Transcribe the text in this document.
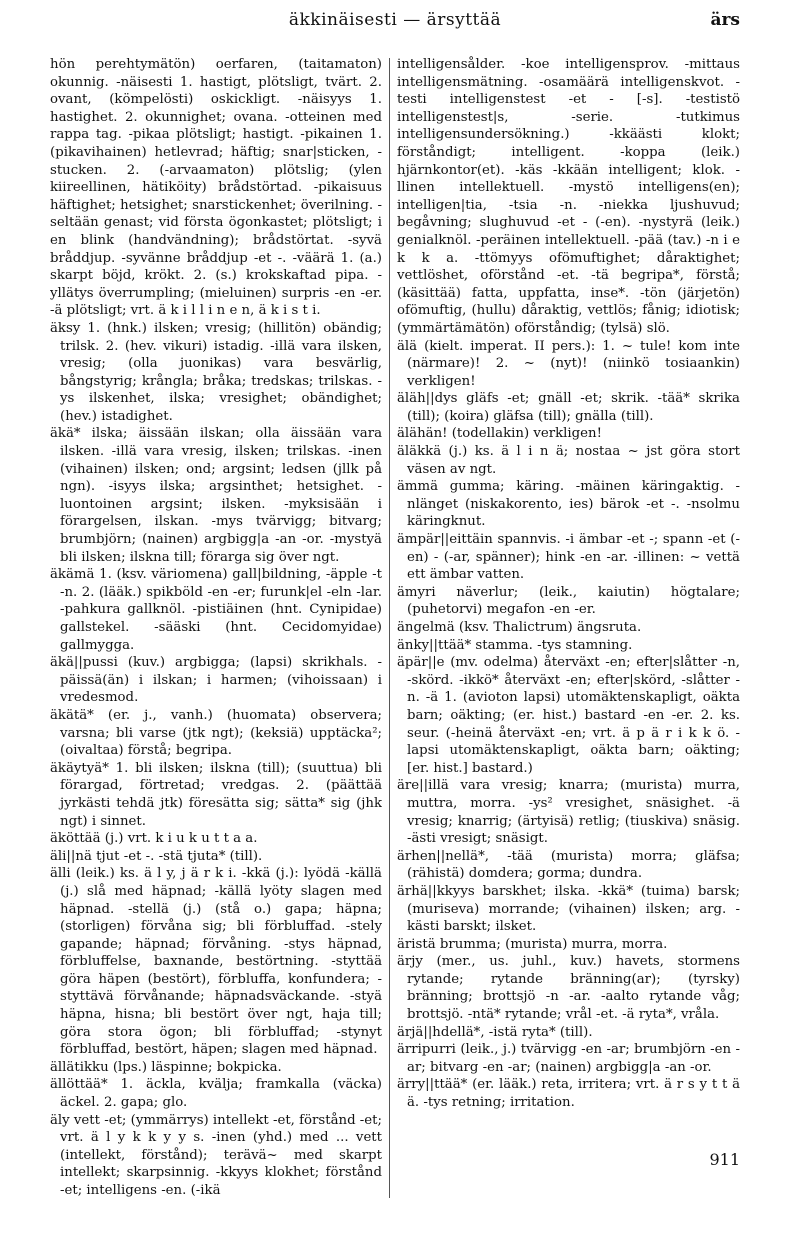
äkkinäisesti — ärsyttää	ärs

hön perehtymätön) oerfaren, (taitamaton) okunnig. -näisesti 1. hastigt, plötsligt, tvärt. 2. ovant, (kömpelösti) oskickligt. -näisyys 1. hastighet. 2. okunnighet; ovana. -otteinen med rappa tag. -pikaa plötsligt; hastigt. -pikainen 1. (pikavihainen) hetlevrad; häftig; snar|sticken, -stucken. 2. (-arvaamaton) plötslig; (ylen kiireellinen, hätiköity) brådstörtad. -pikaisuus häftighet; hetsighet; snarstickenhet; överilning. -seltään genast; vid första ögonkastet; plötsligt; i en blink (handvändning); brådstörtat. -syvä bråddjup. -syvänne bråddjup -et -. -väärä 1. (a.) skarpt böjd, krökt. 2. (s.) krokskaftad pipa. -yllätys överrumpling; (mieluinen) surpris -en -er. -ä plötsligt; vrt. ä k i l l i n e n, ä k i s t i.

äksy 1. (hnk.) ilsken; vresig; (hillitön) obändig; trilsk. 2. (hev. vikuri) istadig. -illä vara ilsken, vresig; (olla juonikas) vara besvärlig, bångstyrig; krångla; bråka; tredskas; trilskas. -ys ilskenhet, ilska; vresighet; obändighet; (hev.) istadighet.

äkä* ilska; äissään ilskan; olla äissään vara ilsken. -illä vara vresig, ilsken; trilskas. -inen (vihainen) ilsken; ond; argsint; ledsen (jllk på ngn). -isyys ilska; argsinthet; hetsighet. -luontoinen argsint; ilsken. -myksisään i förargelsen, ilskan. -mys tvärvigg; bitvarg; brumbjörn; (nainen) argbigg|a -an -or. -mystyä bli ilsken; ilskna till; förarga sig över ngt.

äkämä 1. (ksv. väriomena) gall|bildning, -äpple -t -n. 2. (lääk.) spikböld -en -er; furunk|el -eln -lar. -pahkura gallknöl. -pistiäinen (hnt. Cynipidae) gallstekel. -sääski (hnt. Cecidomyidae) gallmygga.

äkä||pussi (kuv.) argbigga; (lapsi) skrikhals. -päissä(än) i ilskan; i harmen; (vihoissaan) i vredesmod.

äkätä* (er. j., vanh.) (huomata) observera; varsna; bli varse (jtk ngt); (keksiä) upptäcka²; (oivaltaa) förstå; begripa.

äkäytyä* 1. bli ilsken; ilskna (till); (suuttua) bli förargad, förtretad; vredgas. 2. (päättää jyrkästi tehdä jtk) föresätta sig; sätta* sig (jhk ngt) i sinnet.

äköttää (j.) vrt. k i u k u t t a a.

äli||nä tjut -et -. -stä tjuta* (till).

älli (leik.) ks. ä l y, j ä r k i. -kkä (j.): lyödä -källä (j.) slå med häpnad; -källä lyöty slagen med häpnad. -stellä (j.) (stå o.) gapa; häpna; (storligen) förvåna sig; bli förbluffad. -stely gapande; häpnad; förvåning. -stys häpnad, förbluffelse, baxnande, bestörtning. -styttää göra häpen (bestört), förbluffa, konfundera; -styttävä förvånande; häpnadsväckande. -styä häpna, hisna; bli bestört över ngt, haja till; göra stora ögon; bli förbluffad; -stynyt förbluffad, bestört, häpen; slagen med häpnad.

ällätikku (lps.) läspinne; bokpicka.

ällöttää* 1. äckla, kvälja; framkalla (väcka) äckel. 2. gapa; glo.

äly vett -et; (ymmärrys) intellekt -et, förstånd -et; vrt. ä l y k k y y s. -inen (yhd.) med ... vett (intellekt, förstånd); terävä~ med skarpt intellekt; skarpsinnig. -kkyys klokhet; förstånd -et; intelligens -en. (-ikä

intelligensålder. -koe intelligensprov. -mittaus intelligensmätning. -osamäärä intelligenskvot. -testi intelligenstest -et - [-s]. -testistö intelligenstest|s, -serie. -tutkimus intelligensundersökning.) -kkäästi klokt; förståndigt; intelligent. -koppa (leik.) hjärnkontor(et). -käs -kkään intelligent; klok. -llinen intellektuell. -mystö intelligens(en); intelligen|tia, -tsia -n. -niekka ljushuvud; begåvning; slughuvud -et - (-en). -nystyrä (leik.) genialknöl. -peräinen intellektuell. -pää (tav.) -n i e k k a. -ttömyys ofömuftighet; dåraktighet; vettlöshet, oförstånd -et. -tä begripa*, förstå; (käsittää) fatta, uppfatta, inse*. -tön (järjetön) ofömuftig, (hullu) dåraktig, vettlös; fånig; idiotisk; (ymmärtämätön) oförståndig; (tylsä) slö.

älä (kielt. imperat. II pers.): 1. ~ tule! kom inte (närmare)! 2. ~ (nyt)! (niinkö tosiaankin) verkligen!

äläh||dys gläfs -et; gnäll -et; skrik. -tää* skrika (till); (koira) gläfsa (till); gnälla (till).

älähän! (todellakin) verkligen!

äläkkä (j.) ks. ä l i n ä; nostaa ~ jst göra stort väsen av ngt.

ämmä gumma; käring. -mäinen käringaktig. -nlänget (niskakorento, ies) bärok -et -. -nsolmu käringknut.

ämpär||eittäin spannvis. -i ämbar -et -; spann -et (-en) - (-ar, spänner); hink -en -ar. -illinen: ~ vettä ett ämbar vatten.

ämyri näverlur; (leik., kaiutin) högtalare; (puhetorvi) megafon -en -er.

ängelmä (ksv. Thalictrum) ängsruta.

änky||ttää* stamma. -tys stamning.

äpär||e (mv. odelma) återväxt -en; efter|slåtter -n, -skörd. -ikkö* återväxt -en; efter|skörd, -slåtter -n. -ä 1. (avioton lapsi) utomäktenskapligt, oäkta barn; oäkting; (er. hist.) bastard -en -er. 2. ks. seur. (-heinä återväxt -en; vrt. ä p ä r i k k ö. -lapsi utomäktenskapligt, oäkta barn; oäkting; [er. hist.] bastard.)

äre||illä vara vresig; knarra; (murista) murra, muttra, morra. -ys² vresighet, snäsighet. -ä vresig; knarrig; (ärtyisä) retlig; (tiuskiva) snäsig. -ästi vresigt; snäsigt.

ärhen||nellä*, -tää (murista) morra; gläfsa; (rähistä) domdera; gorma; dundra.

ärhä||kkyys barskhet; ilska. -kkä* (tuima) barsk; (muriseva) morrande; (vihainen) ilsken; arg. -kästi barskt; ilsket.

äristä brumma; (murista) murra, morra.

ärjy (mer., us. juhl., kuv.) havets, stormens rytande; rytande bränning(ar); (tyrsky) bränning; brottsjö -n -ar. -aalto rytande våg; brottsjö. -ntä* rytande; vrål -et. -ä ryta*, vråla.

ärjä||hdellä*, -istä ryta* (till).

ärripurri (leik., j.) tvärvigg -en -ar; brumbjörn -en -ar; bitvarg -en -ar; (nainen) argbigg|a -an -or.

ärry||ttää* (er. lääk.) reta, irritera; vrt. ä r s y t t ä ä. -tys retning; irritation.

911
